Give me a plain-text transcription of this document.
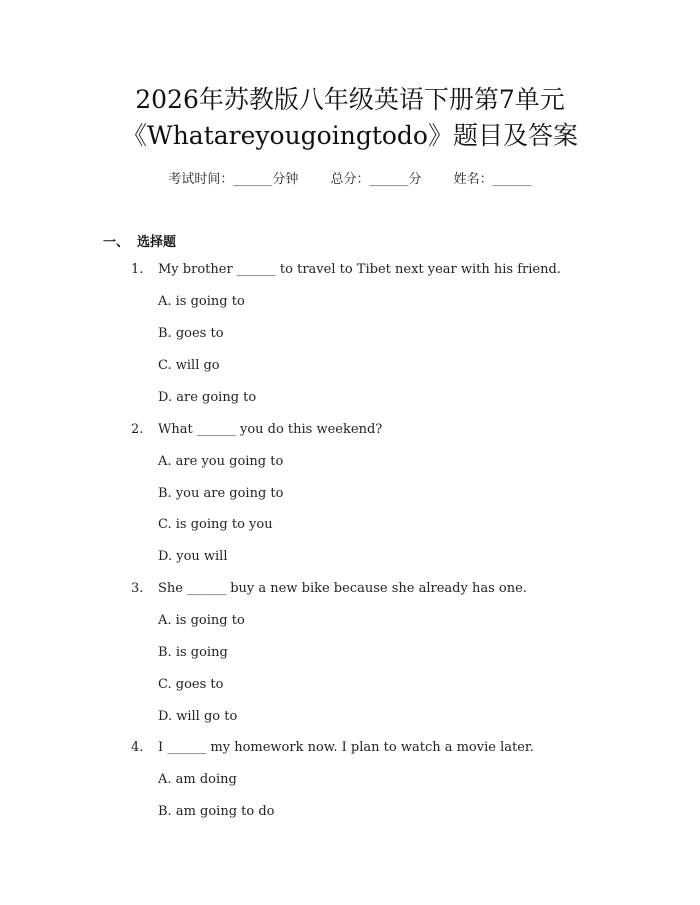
2026年苏教版八年级英语下册第7单元
《Whatareyougoingtodo》题目及答案
考试时间：______分钟 总分：______分 姓名：______
一、 选择题
1. My brother ______ to travel to Tibet next year with his friend.
A. is going to
B. goes to
C. will go
D. are going to
2. What ______ you do this weekend?
A. are you going to
B. you are going to
C. is going to you
D. you will
3. She ______ buy a new bike because she already has one.
A. is going to
B. is going
C. goes to
D. will go to
4. I ______ my homework now. I plan to watch a movie later.
A. am doing
B. am going to do
